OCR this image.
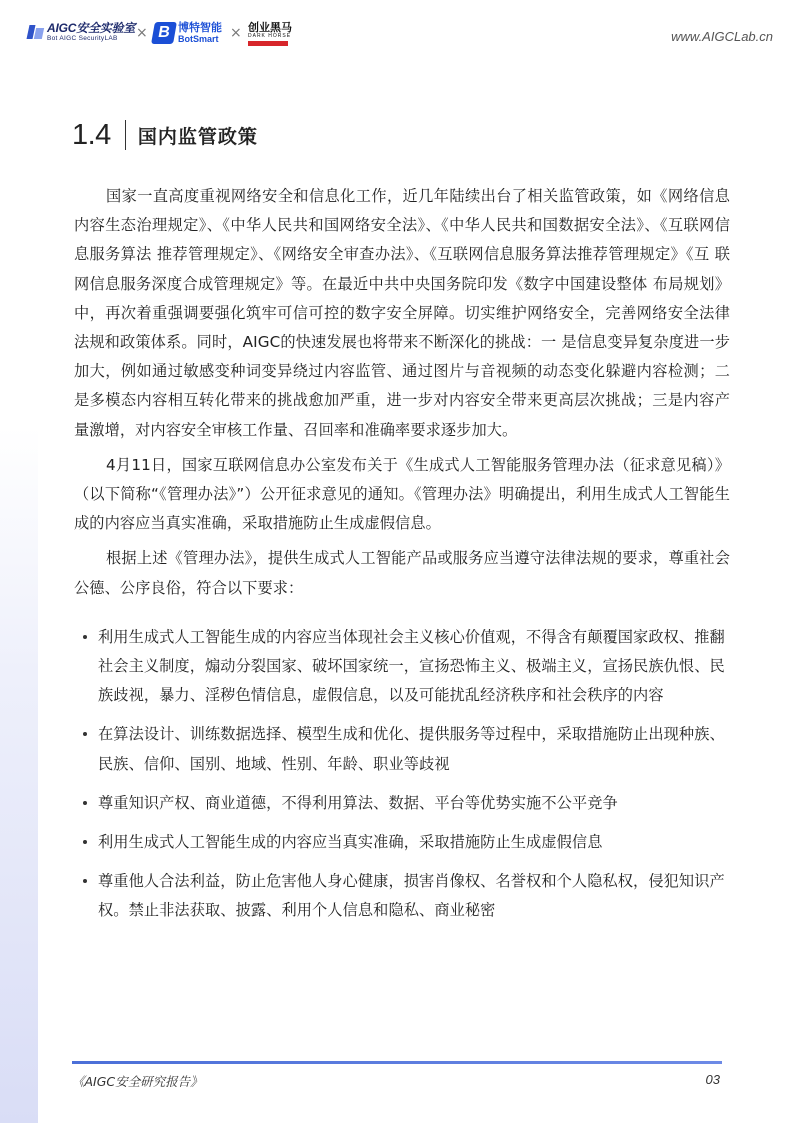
AIGC安全实验室
Bot AIGC SecurityLAB	× B 博特智能
BotSmart × 创业黑马
DARK HORSE	www.AIGCLab.cn
1.4 国内监管政策

国家一直高度重视网络安全和信息化工作，近几年陆续出台了相关监管政策，如《网络信息内容生态治理规定》、《中华人民共和国网络安全法》、《中华人民共和国数据安全法》、《互联网信息服务算法 推荐管理规定》、《网络安全审查办法》、《互联网信息服务算法推荐管理规定》《互 联网信息服务深度合成管理规定》等。在最近中共中央国务院印发《数字中国建设整体 布局规划》中，再次着重强调要强化筑牢可信可控的数字安全屏障。切实维护网络安全，完善网络安全法律法规和政策体系。同时，AIGC的快速发展也将带来不断深化的挑战：一 是信息变异复杂度进一步加大，例如通过敏感变种词变异绕过内容监管、通过图片与音视频的动态变化躲避内容检测；二是多模态内容相互转化带来的挑战愈加严重，进一步对内容安全带来更高层次挑战；三是内容产量激增，对内容安全审核工作量、召回率和准确率要求逐步加大。

4月11日，国家互联网信息办公室发布关于《生成式人工智能服务管理办法（征求意见稿）》（以下简称“《管理办法》”）公开征求意见的通知。《管理办法》明确提出，利用生成式人工智能生成的内容应当真实准确，采取措施防止生成虚假信息。

根据上述《管理办法》，提供生成式人工智能产品或服务应当遵守法律法规的要求，尊重社会公德、公序良俗，符合以下要求：

利用生成式人工智能生成的内容应当体现社会主义核心价值观，不得含有颠覆国家政权、推翻社会主义制度，煽动分裂国家、破坏国家统一，宣扬恐怖主义、极端主义，宣扬民族仇恨、民族歧视，暴力、淫秽色情信息，虚假信息，以及可能扰乱经济秩序和社会秩序的内容
在算法设计、训练数据选择、模型生成和优化、提供服务等过程中，采取措施防止出现种族、民族、信仰、国别、地域、性别、年龄、职业等歧视
尊重知识产权、商业道德，不得利用算法、数据、平台等优势实施不公平竞争
利用生成式人工智能生成的内容应当真实准确，采取措施防止生成虚假信息
尊重他人合法利益，防止危害他人身心健康，损害肖像权、名誉权和个人隐私权，侵犯知识产权。禁止非法获取、披露、利用个人信息和隐私、商业秘密
《AIGC安全研究报告》	03
